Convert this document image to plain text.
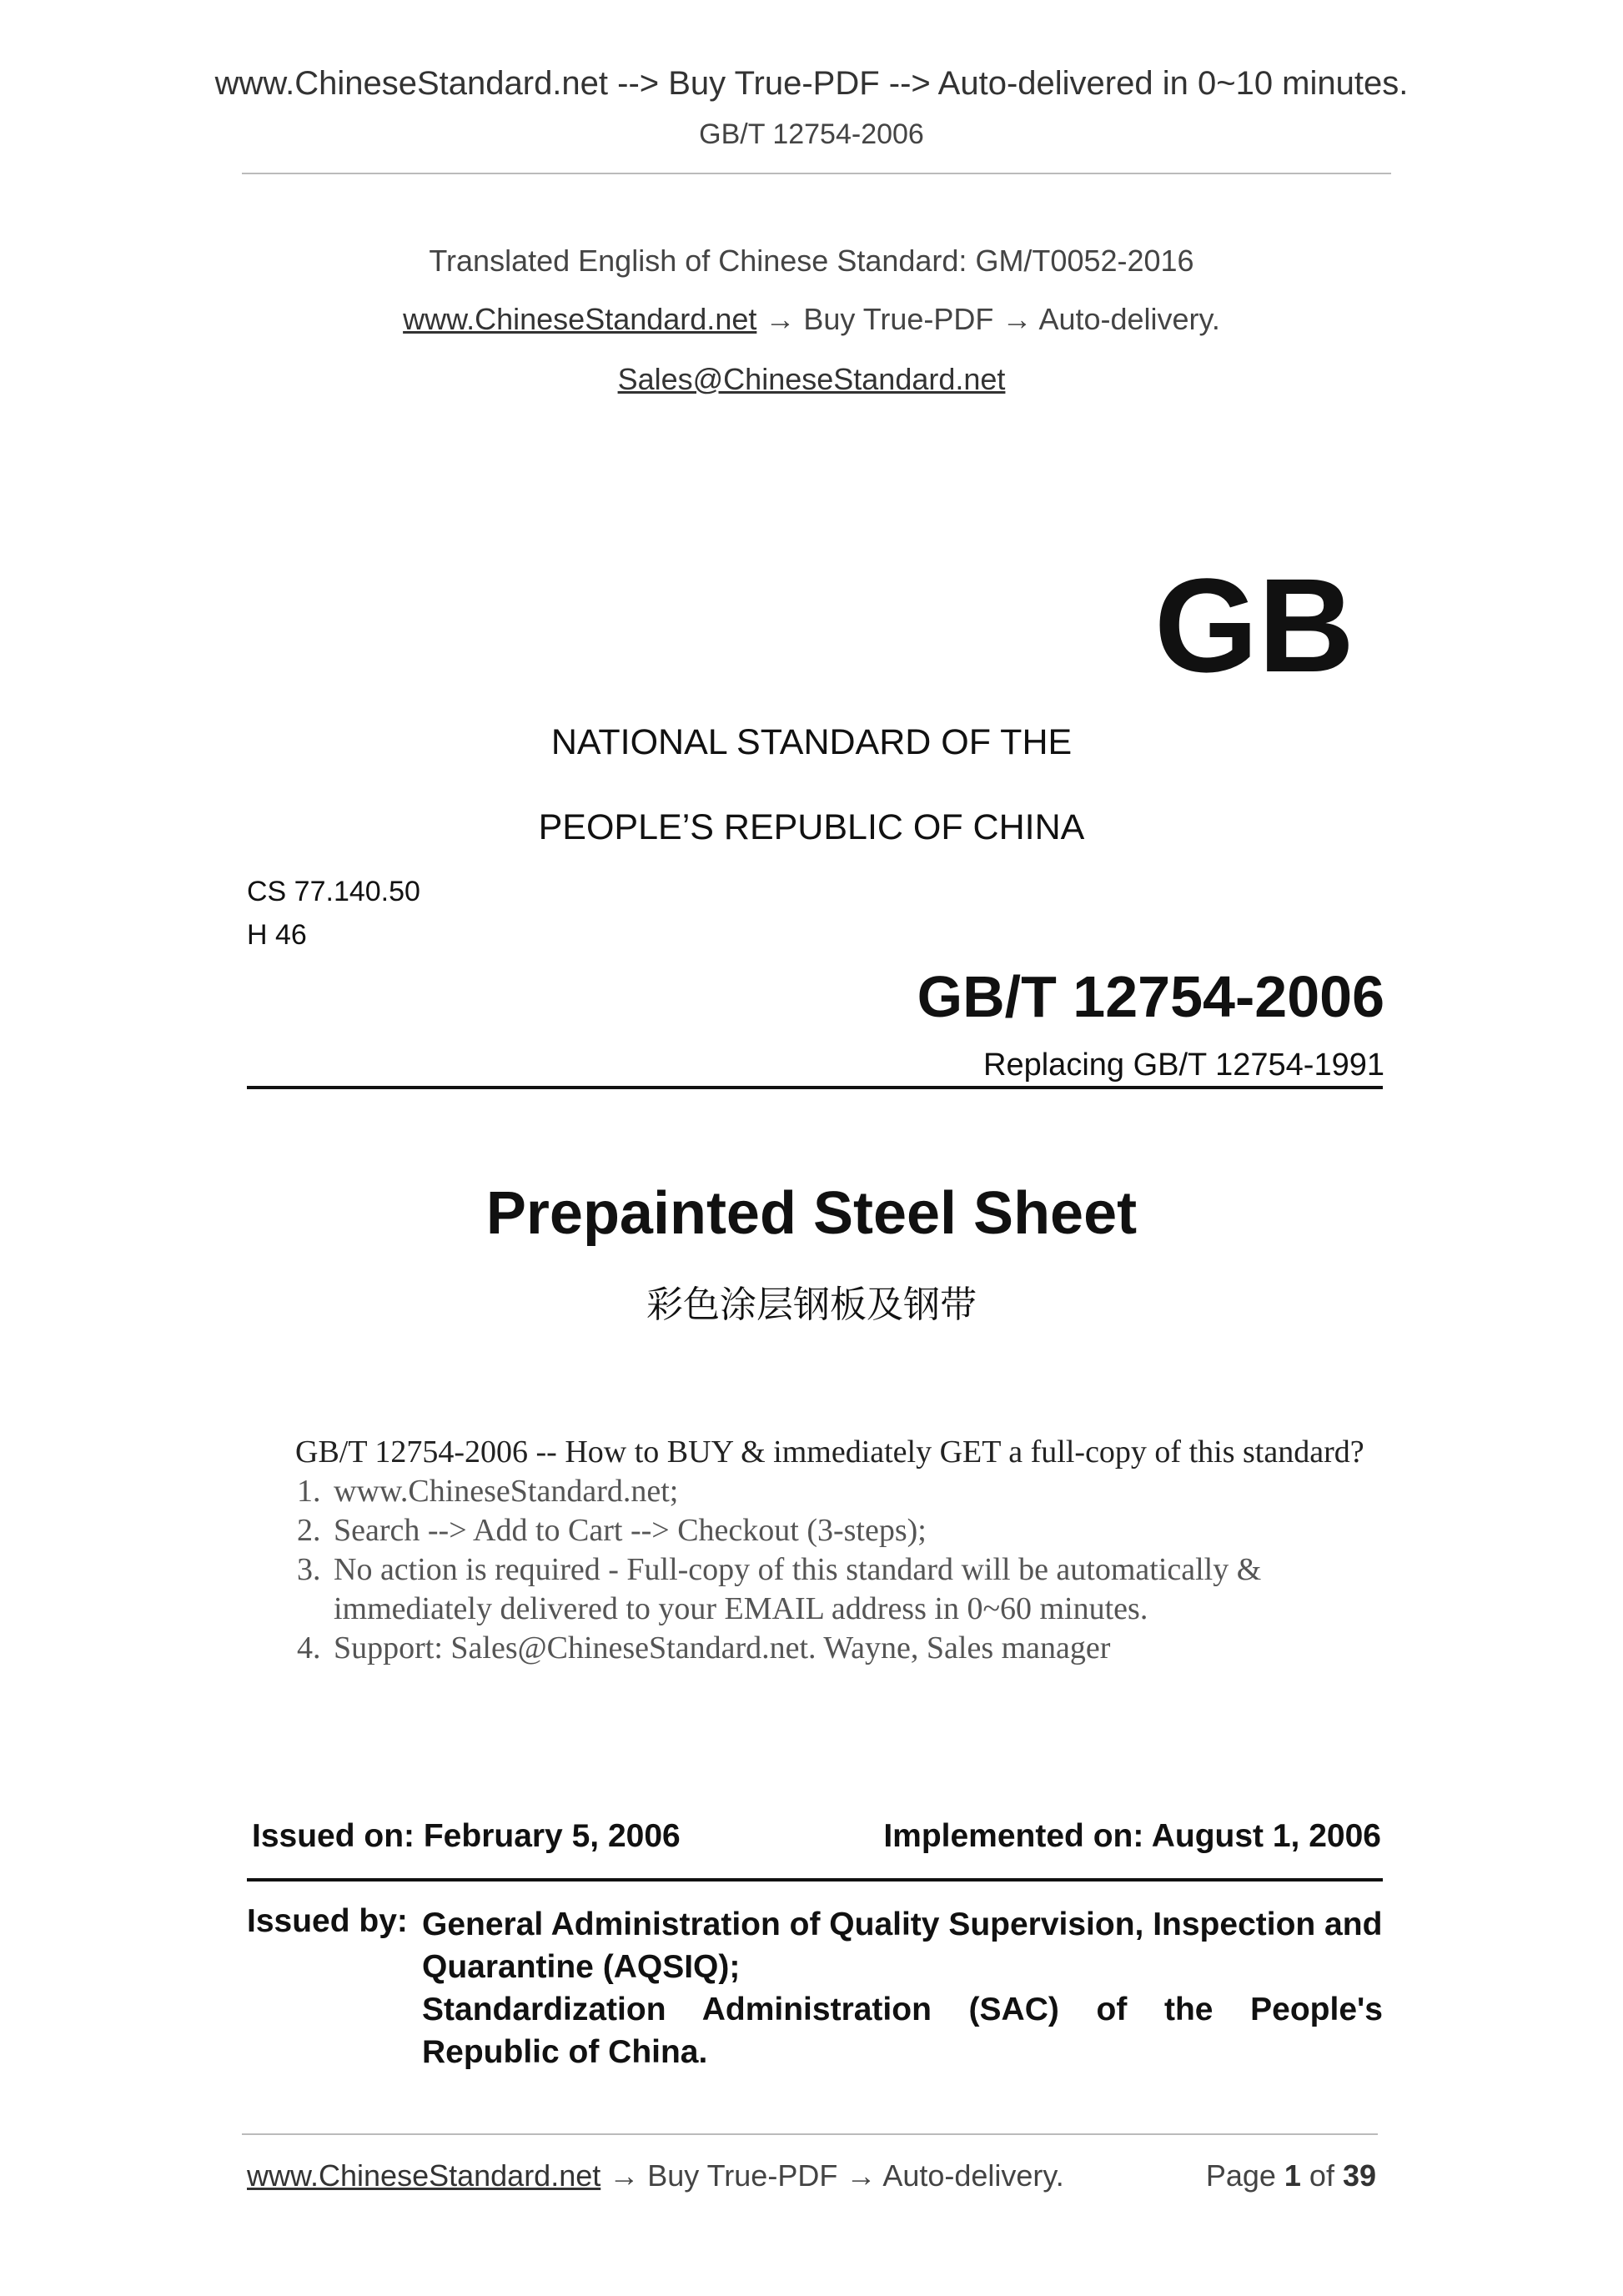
www.ChineseStandard.net --> Buy True-PDF --> Auto-delivered in 0~10 minutes.
GB/T 12754-2006
Translated English of Chinese Standard: GM/T0052-2016
www.ChineseStandard.net → Buy True-PDF → Auto-delivery.
Sales@ChineseStandard.net
GB
NATIONAL STANDARD OF THE
PEOPLE’S REPUBLIC OF CHINA
CS 77.140.50
H 46
GB/T 12754-2006
Replacing GB/T 12754-1991
Prepainted Steel Sheet
彩色涂层钢板及钢带
GB/T 12754-2006 -- How to BUY & immediately GET a full-copy of this standard?
1. www.ChineseStandard.net;
2. Search --> Add to Cart --> Checkout (3-steps);
3. No action is required - Full-copy of this standard will be automatically &
immediately delivered to your EMAIL address in 0~60 minutes.
4. Support: Sales@ChineseStandard.net. Wayne, Sales manager
Issued on: February 5, 2006	Implemented on: August 1, 2006
Issued by: General Administration of Quality Supervision, Inspection and

Quarantine (AQSIQ);

Standardization Administration (SAC) of the People's

Republic of China.

www.ChineseStandard.net → Buy True-PDF → Auto-delivery.	Page 1 of 39
